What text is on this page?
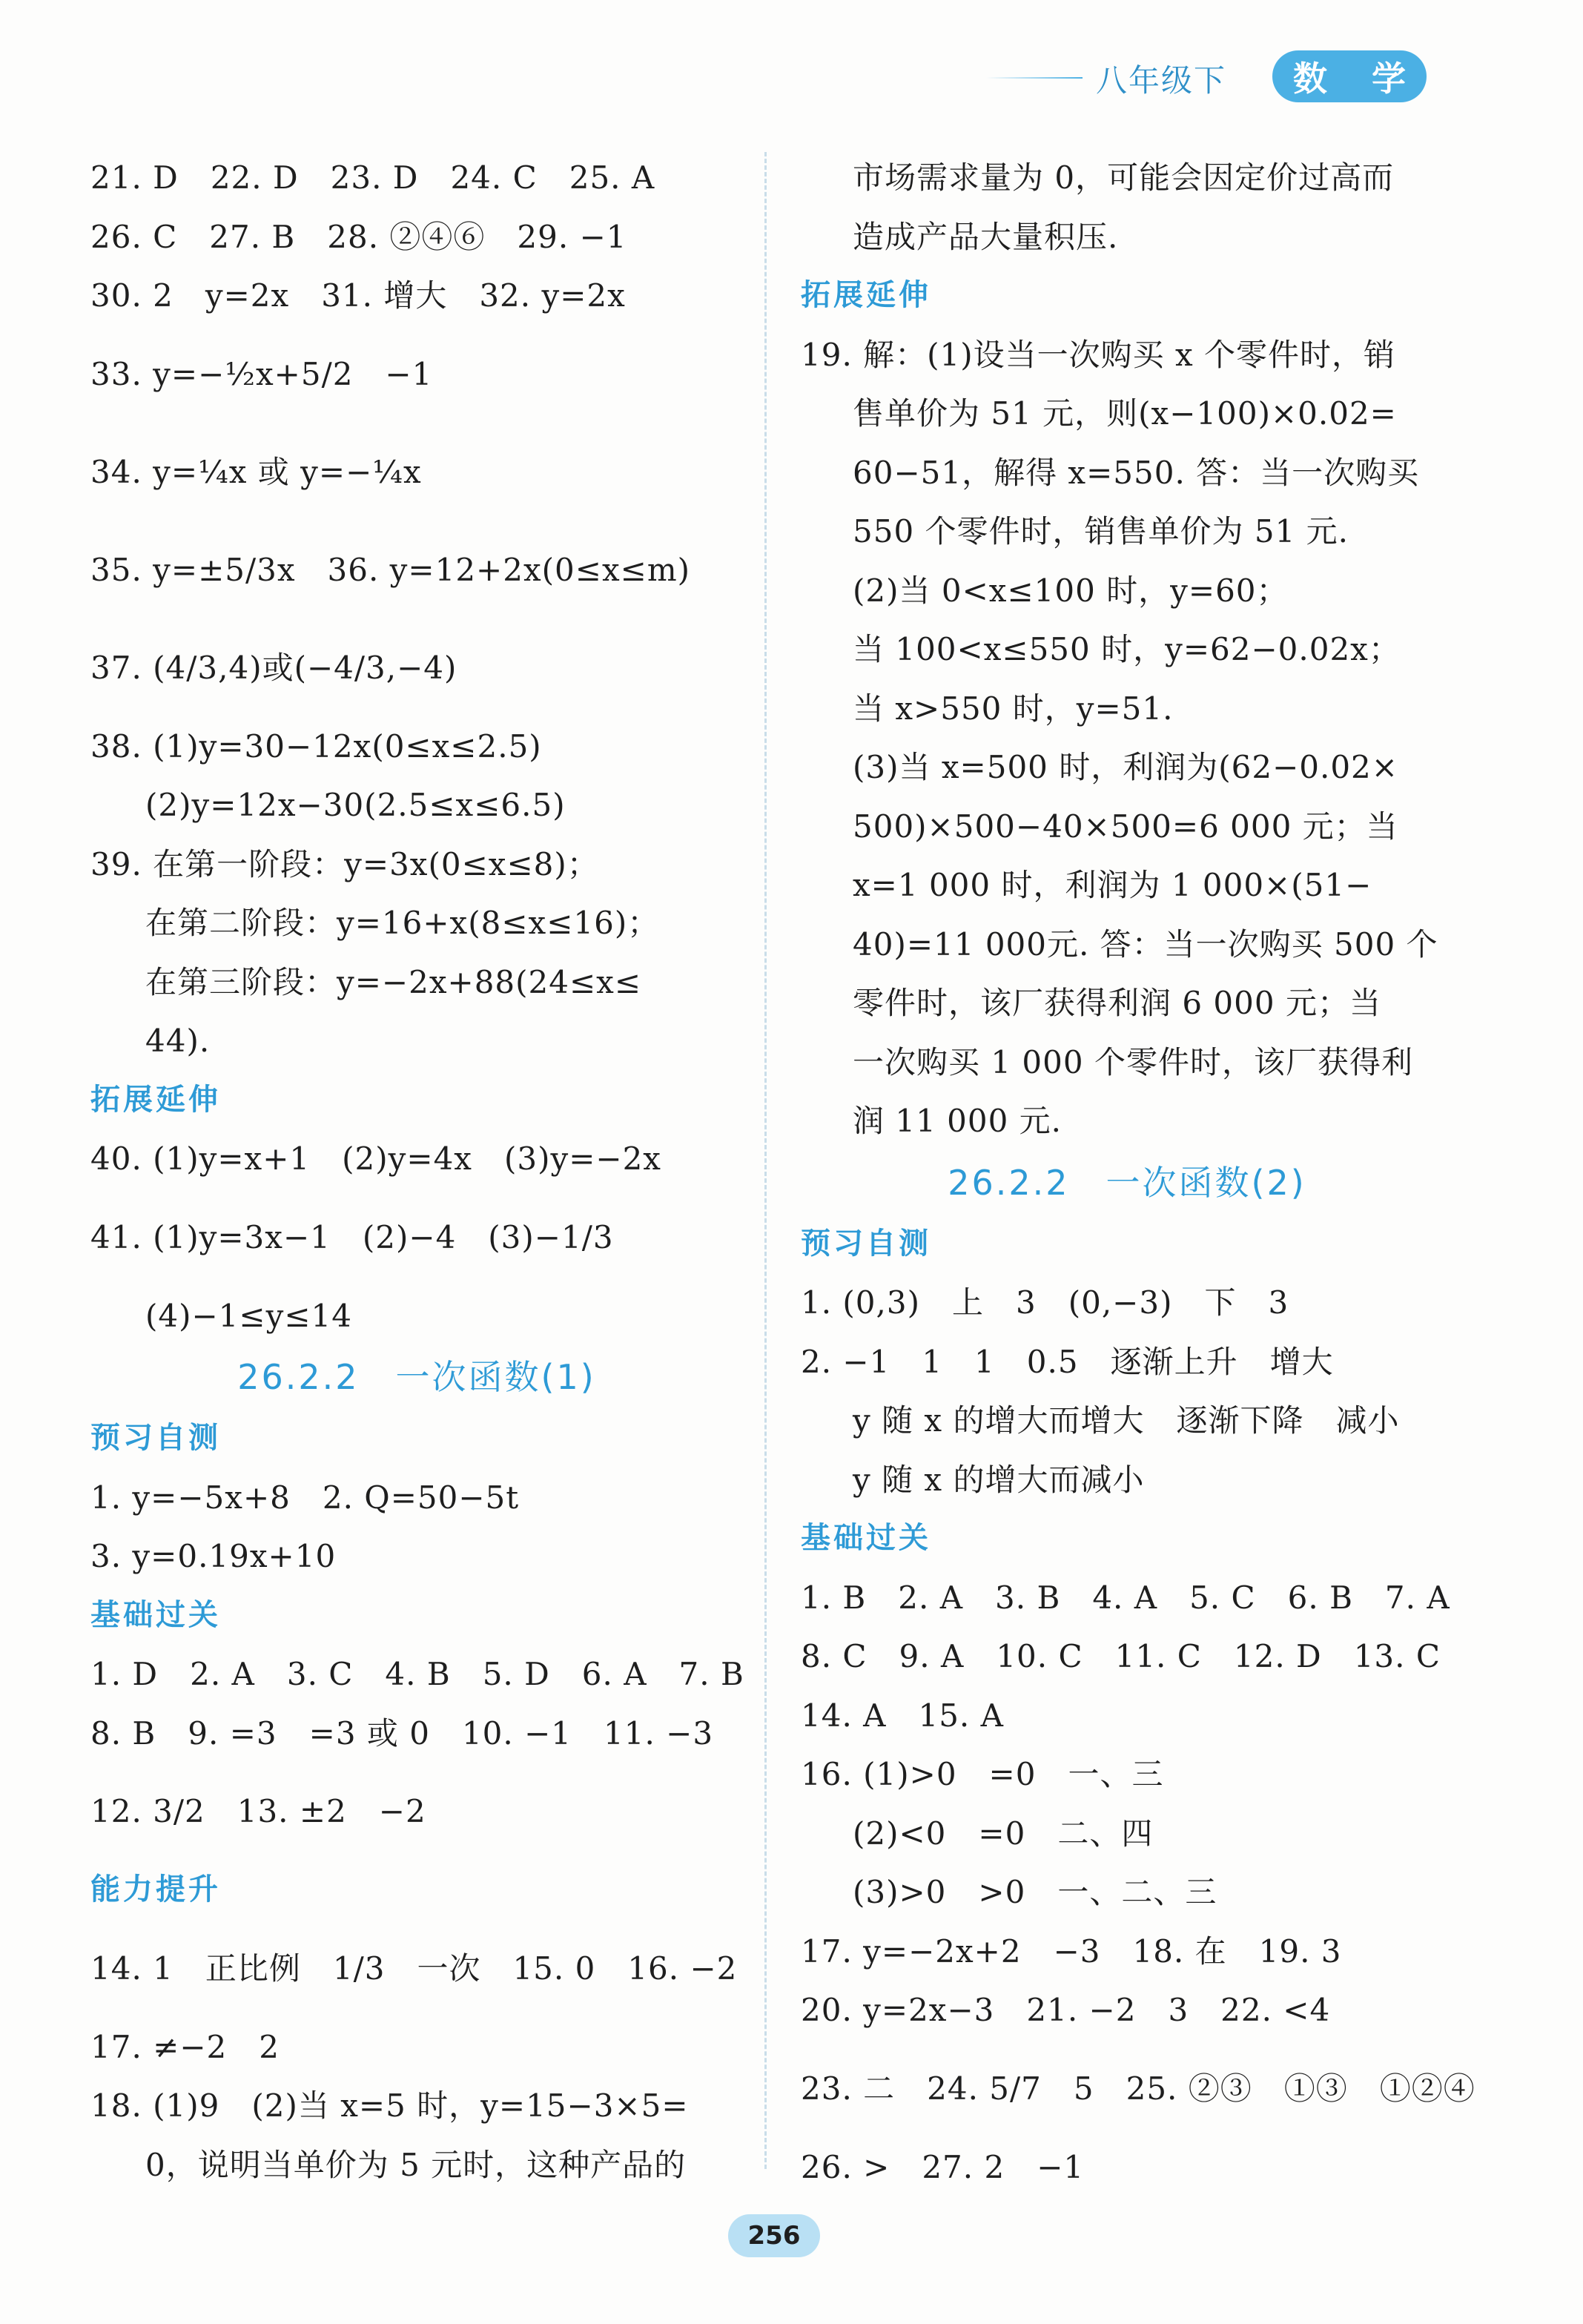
八年级下	数 学
21. D　22. D　23. D　24. C　25. A
26. C　27. B　28. ②④⑥　29. −1
30. 2　y=2x　31. 增大　32. y=2x
33. y=−½x+5/2　−1
34. y=¼x 或 y=−¼x
35. y=±5/3x　36. y=12+2x(0≤x≤m)
37. (4/3,4)或(−4/3,−4)
38. (1)y=30−12x(0≤x≤2.5)
(2)y=12x−30(2.5≤x≤6.5)
39. 在第一阶段：y=3x(0≤x≤8)；
在第二阶段：y=16+x(8≤x≤16)；
在第三阶段：y=−2x+88(24≤x≤
44).
拓展延伸
40. (1)y=x+1　(2)y=4x　(3)y=−2x
41. (1)y=3x−1　(2)−4　(3)−1/3
(4)−1≤y≤14
26.2.2　一次函数(1)
预习自测
1. y=−5x+8　2. Q=50−5t
3. y=0.19x+10
基础过关
1. D　2. A　3. C　4. B　5. D　6. A　7. B
8. B　9. =3　=3 或 0　10. −1　11. −3
12. 3/2　13. ±2　−2
能力提升
14. 1　正比例　1/3　一次　15. 0　16. −2
17. ≠−2　2
18. (1)9　(2)当 x=5 时，y=15−3×5=
0，说明当单价为 5 元时，这种产品的
市场需求量为 0，可能会因定价过高而
造成产品大量积压.
拓展延伸
19. 解：(1)设当一次购买 x 个零件时，销
售单价为 51 元，则(x−100)×0.02=
60−51，解得 x=550. 答：当一次购买
550 个零件时，销售单价为 51 元.
(2)当 0<x≤100 时，y=60；
当 100<x≤550 时，y=62−0.02x；
当 x>550 时，y=51.
(3)当 x=500 时，利润为(62−0.02×
500)×500−40×500=6 000 元；当
x=1 000 时，利润为 1 000×(51−
40)=11 000元. 答：当一次购买 500 个
零件时，该厂获得利润 6 000 元；当
一次购买 1 000 个零件时，该厂获得利
润 11 000 元.
26.2.2　一次函数(2)
预习自测
1. (0,3)　上　3　(0,−3)　下　3
2. −1　1　1　0.5　逐渐上升　增大
y 随 x 的增大而增大　逐渐下降　减小
y 随 x 的增大而减小
基础过关
1. B　2. A　3. B　4. A　5. C　6. B　7. A
8. C　9. A　10. C　11. C　12. D　13. C
14. A　15. A
16. (1)>0　=0　一、三
(2)<0　=0　二、四
(3)>0　>0　一、二、三
17. y=−2x+2　−3　18. 在　19. 3
20. y=2x−3　21. −2　3　22. <4
23. 二　24. 5/7　5　25. ②③　①③　①②④
26. >　27. 2　−1
256
